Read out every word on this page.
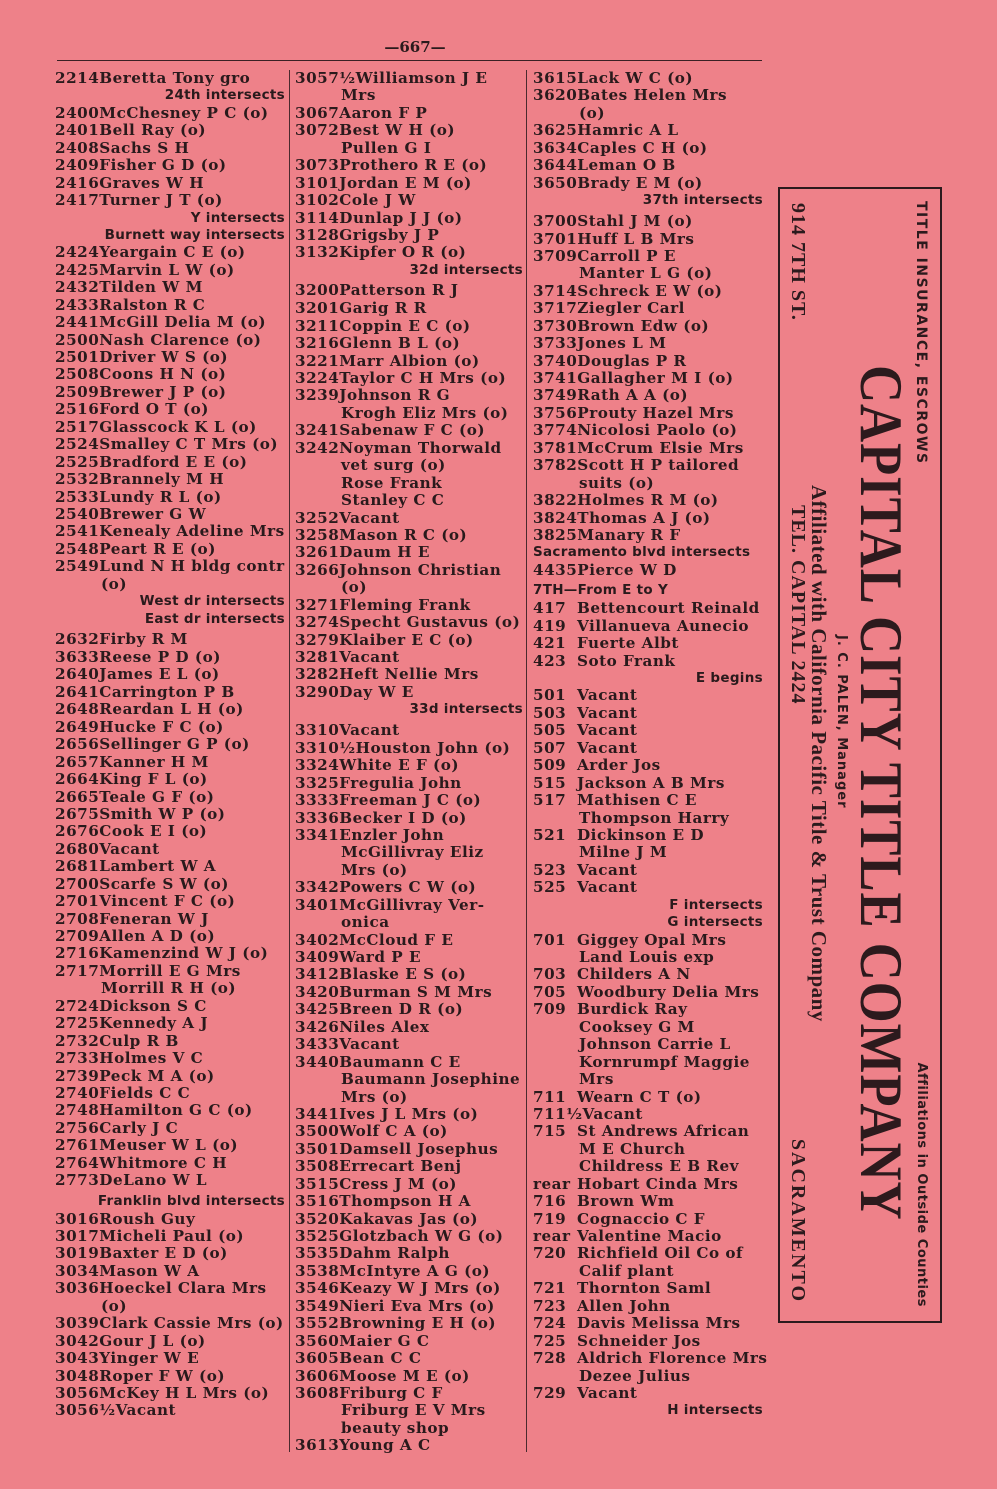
—667—
2214Beretta Tony gro
24th intersects
2400McChesney P C (o)
2401Bell Ray (o)
2408Sachs S H
2409Fisher G D (o)
2416Graves W H
2417Turner J T (o)
Y intersects
Burnett way intersects
2424Yeargain C E (o)
2425Marvin L W (o)
2432Tilden W M
2433Ralston R C
2441McGill Delia M (o)
2500Nash Clarence (o)
2501Driver W S (o)
2508Coons H N (o)
2509Brewer J P (o)
2516Ford O T (o)
2517Glasscock K L (o)
2524Smalley C T Mrs (o)
2525Bradford E E (o)
2532Brannely M H
2533Lundy R L (o)
2540Brewer G W
2541Kenealy Adeline Mrs
2548Peart R E (o)
2549Lund N H bldg contr
(o)
West dr intersects
East dr intersects
2632Firby R M
3633Reese P D (o)
2640James E L (o)
2641Carrington P B
2648Reardan L H (o)
2649Hucke F C (o)
2656Sellinger G P (o)
2657Kanner H M
2664King F L (o)
2665Teale G F (o)
2675Smith W P (o)
2676Cook E I (o)
2680Vacant
2681Lambert W A
2700Scarfe S W (o)
2701Vincent F C (o)
2708Feneran W J
2709Allen A D (o)
2716Kamenzind W J (o)
2717Morrill E G Mrs
Morrill R H (o)
2724Dickson S C
2725Kennedy A J
2732Culp R B
2733Holmes V C
2739Peck M A (o)
2740Fields C C
2748Hamilton G C (o)
2756Carly J C
2761Meuser W L (o)
2764Whitmore C H
2773DeLano W L
Franklin blvd intersects
3016Roush Guy
3017Micheli Paul (o)
3019Baxter E D (o)
3034Mason W A
3036Hoeckel Clara Mrs
(o)
3039Clark Cassie Mrs (o)
3042Gour J L (o)
3043Yinger W E
3048Roper F W (o)
3056McKey H L Mrs (o)
3056½Vacant
3057½Williamson J E
Mrs
3067Aaron F P
3072Best W H (o)
Pullen G I
3073Prothero R E (o)
3101Jordan E M (o)
3102Cole J W
3114Dunlap J J (o)
3128Grigsby J P
3132Kipfer O R (o)
32d intersects
3200Patterson R J
3201Garig R R
3211Coppin E C (o)
3216Glenn B L (o)
3221Marr Albion (o)
3224Taylor C H Mrs (o)
3239Johnson R G
Krogh Eliz Mrs (o)
3241Sabenaw F C (o)
3242Noyman Thorwald
vet surg (o)
Rose Frank
Stanley C C
3252Vacant
3258Mason R C (o)
3261Daum H E
3266Johnson Christian
(o)
3271Fleming Frank
3274Specht Gustavus (o)
3279Klaiber E C (o)
3281Vacant
3282Heft Nellie Mrs
3290Day W E
33d intersects
3310Vacant
3310½Houston John (o)
3324White E F (o)
3325Fregulia John
3333Freeman J C (o)
3336Becker I D (o)
3341Enzler John
McGillivray Eliz
Mrs (o)
3342Powers C W (o)
3401McGillivray Ver-
onica
3402McCloud F E
3409Ward P E
3412Blaske E S (o)
3420Burman S M Mrs
3425Breen D R (o)
3426Niles Alex
3433Vacant
3440Baumann C E
Baumann Josephine
Mrs (o)
3441Ives J L Mrs (o)
3500Wolf C A (o)
3501Damsell Josephus
3508Errecart Benj
3515Cress J M (o)
3516Thompson H A
3520Kakavas Jas (o)
3525Glotzbach W G (o)
3535Dahm Ralph
3538McIntyre A G (o)
3546Keazy W J Mrs (o)
3549Nieri Eva Mrs (o)
3552Browning E H (o)
3560Maier G C
3605Bean C C
3606Moose M E (o)
3608Friburg C F
Friburg E V Mrs
beauty shop
3613Young A C
3615Lack W C (o)
3620Bates Helen Mrs
(o)
3625Hamric A L
3634Caples C H (o)
3644Leman O B
3650Brady E M (o)
37th intersects
3700Stahl J M (o)
3701Huff L B Mrs
3709Carroll P E
Manter L G (o)
3714Schreck E W (o)
3717Ziegler Carl
3730Brown Edw (o)
3733Jones L M
3740Douglas P R
3741Gallagher M I (o)
3749Rath A A (o)
3756Prouty Hazel Mrs
3774Nicolosi Paolo (o)
3781McCrum Elsie Mrs
3782Scott H P tailored
suits (o)
3822Holmes R M (o)
3824Thomas A J (o)
3825Manary R F
Sacramento blvd intersects
4435Pierce W D
7TH—From E to Y
417 Bettencourt Reinald
419 Villanueva Aunecio
421 Fuerte Albt
423 Soto Frank
E begins
501 Vacant
503 Vacant
505 Vacant
507 Vacant
509 Arder Jos
515 Jackson A B Mrs
517 Mathisen C E
Thompson Harry
521 Dickinson E D
Milne J M
523 Vacant
525 Vacant
F intersects
G intersects
701 Giggey Opal Mrs
Land Louis exp
703 Childers A N
705 Woodbury Delia Mrs
709 Burdick Ray
Cooksey G M
Johnson Carrie L
Kornrumpf Maggie
Mrs
711 Wearn C T (o)
711½Vacant
715 St Andrews African
M E Church
Childress E B Rev
rear Hobart Cinda Mrs
716 Brown Wm
719 Cognaccio C F
rear Valentine Macio
720 Richfield Oil Co of
Calif plant
721 Thornton Saml
723 Allen John
724 Davis Melissa Mrs
725 Schneider Jos
728 Aldrich Florence Mrs
Dezee Julius
729 Vacant
H intersects
TITLE INSURANCE, ESCROWS
Affiliations in Outside Counties
CAPITAL CITY TITLE COMPANY
J. C. PALEN, Manager
Affiliated with California Pacific Title & Trust Company
914 7TH ST.
TEL. CAPITAL 2424
SACRAMENTO
